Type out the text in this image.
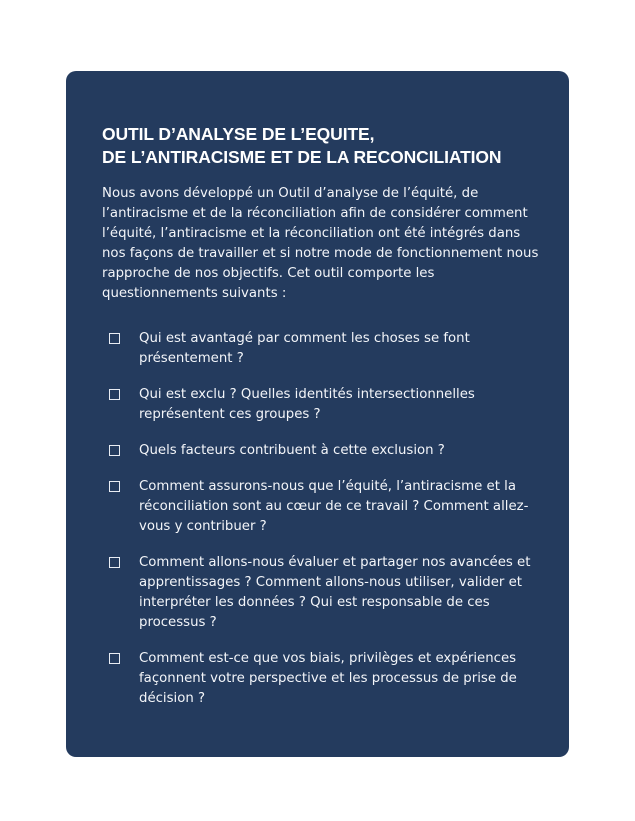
OUTIL D’ANALYSE DE L’EQUITE,
DE L’ANTIRACISME ET DE LA RECONCILIATION

Nous avons développé un Outil d’analyse de l’équité, de l’antiracisme et de la réconciliation afin de considérer comment l’équité, l’antiracisme et la réconciliation ont été intégrés dans nos façons de travailler et si notre mode de fonctionnement nous rapproche de nos objectifs. Cet outil comporte les questionnements suivants :

Qui est avantagé par comment les choses se font présentement ?
Qui est exclu ? Quelles identités intersectionnelles représentent ces groupes ?
Quels facteurs contribuent à cette exclusion ?
Comment assurons-nous que l’équité, l’antiracisme et la réconciliation sont au cœur de ce travail ? Comment allez-vous y contribuer ?
Comment allons-nous évaluer et partager nos avancées et apprentissages ? Comment allons-nous utiliser, valider et interpréter les données ? Qui est responsable de ces processus ?
Comment est-ce que vos biais, privilèges et expériences façonnent votre perspective et les processus de prise de décision ?
